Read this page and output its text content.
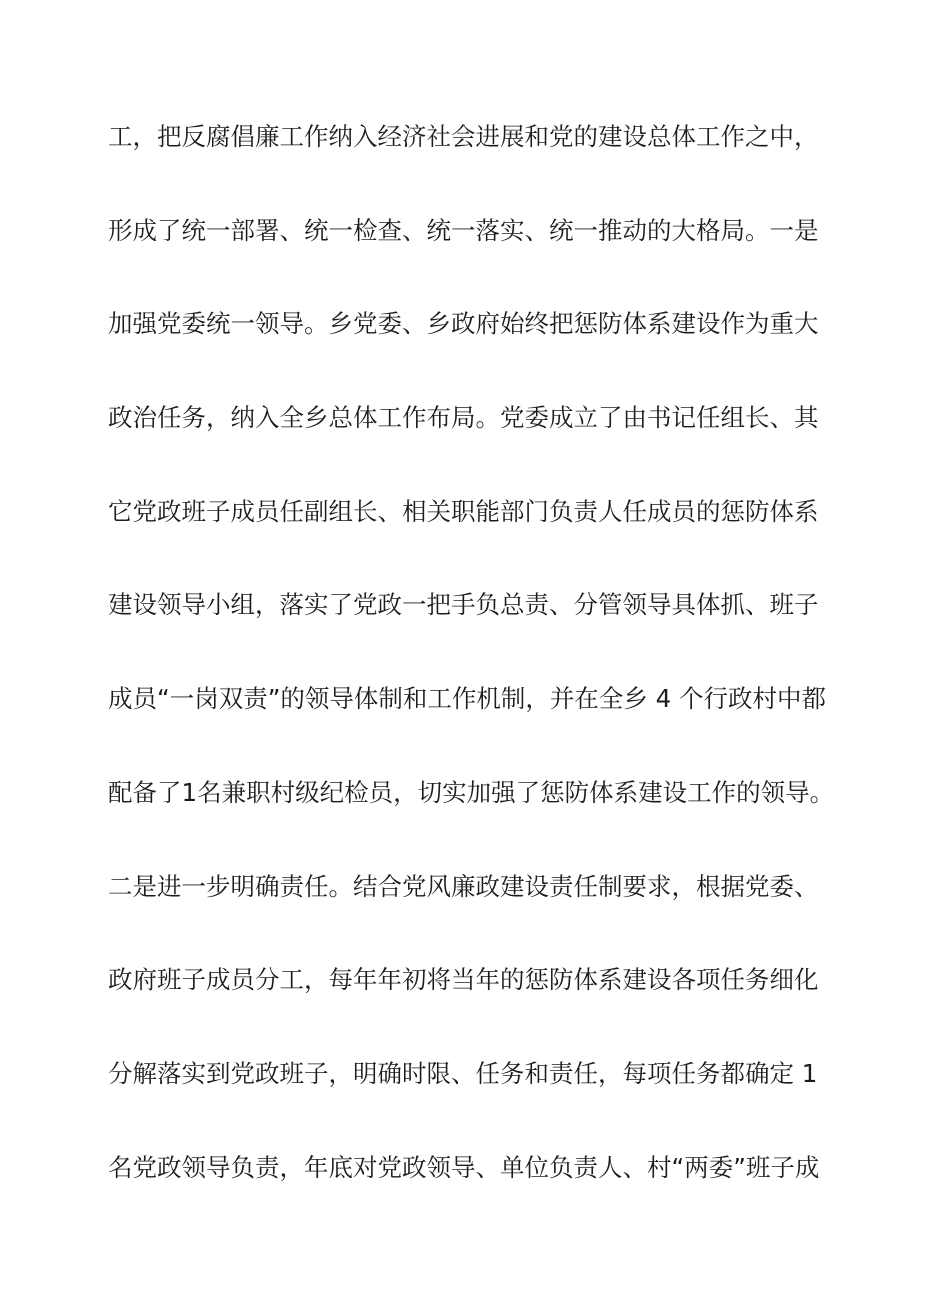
工，把反腐倡廉工作纳入经济社会进展和党的建设总体工作之中，
形成了统一部署、统一检查、统一落实、统一推动的大格局。一是
加强党委统一领导。乡党委、乡政府始终把惩防体系建设作为重大
政治任务，纳入全乡总体工作布局。党委成立了由书记任组长、其
它党政班子成员任副组长、相关职能部门负责人任成员的惩防体系
建设领导小组，落实了党政一把手负总责、分管领导具体抓、班子
成员“一岗双责”的领导体制和工作机制，并在全乡 4 个行政村中都
配备了1名兼职村级纪检员，切实加强了惩防体系建设工作的领导。
二是进一步明确责任。结合党风廉政建设责任制要求，根据党委、
政府班子成员分工，每年年初将当年的惩防体系建设各项任务细化
分解落实到党政班子，明确时限、任务和责任，每项任务都确定 1
名党政领导负责，年底对党政领导、单位负责人、村“两委”班子成
